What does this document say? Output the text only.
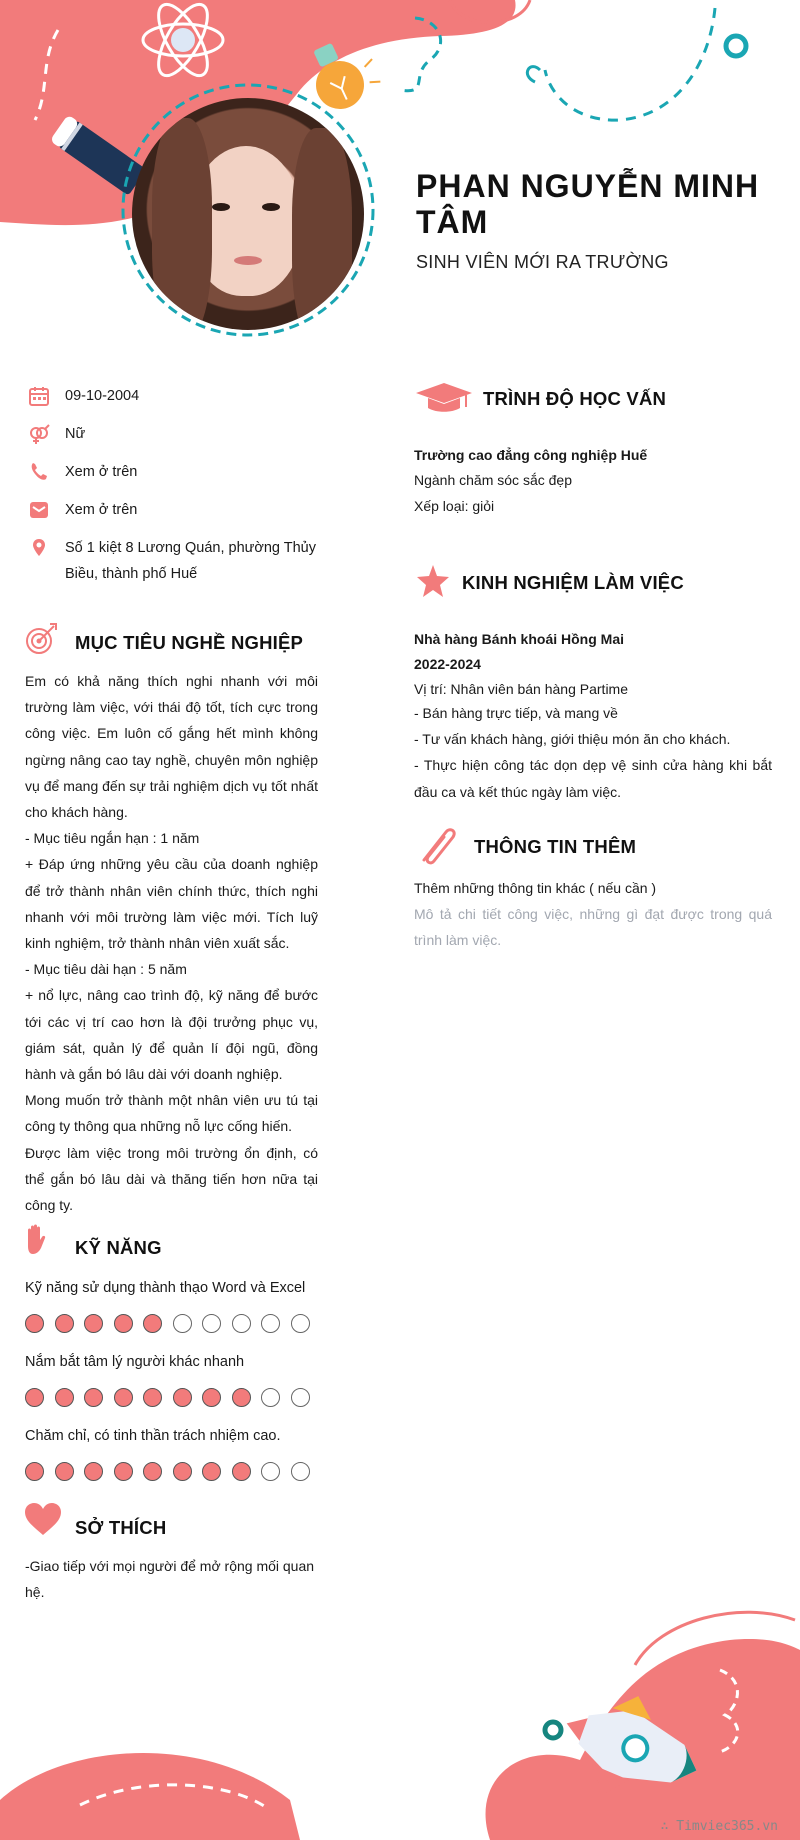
PHAN NGUYỄN MINH TÂM
SINH VIÊN MỚI RA TRƯỜNG
09-10-2004
Nữ
Xem ở trên
Xem ở trên
Số 1 kiệt 8 Lương Quán, phường Thủy Biều, thành phố Huế
MỤC TIÊU NGHỀ NGHIỆP

Em có khả năng thích nghi nhanh với môi trường làm việc, với thái độ tốt, tích cực trong công việc. Em luôn cố gắng hết mình không ngừng nâng cao tay nghề, chuyên môn nghiệp vụ để mang đến sự trải nghiệm dịch vụ tốt nhất cho khách hàng.

- Mục tiêu ngắn hạn : 1 năm

+ Đáp ứng những yêu cầu của doanh nghiệp để trở thành nhân viên chính thức, thích nghi nhanh với môi trường làm việc mới. Tích luỹ kinh nghiệm, trở thành nhân viên xuất sắc.

- Mục tiêu dài hạn : 5 năm

+ nổ lực, nâng cao trình độ, kỹ năng để bước tới các vị trí cao hơn là đội trưởng phục vụ, giám sát, quản lý để quản lí đội ngũ, đồng hành và gắn bó lâu dài với doanh nghiệp.

Mong muốn trở thành một nhân viên ưu tú tại công ty thông qua những nỗ lực cống hiến.

Được làm việc trong môi trường ổn định, có thể gắn bó lâu dài và thăng tiến hơn nữa tại công ty.

KỸ NĂNG
Kỹ năng sử dụng thành thạo Word và Excel
Nắm bắt tâm lý người khác nhanh
Chăm chỉ, có tinh thần trách nhiệm cao.
SỞ THÍCH
-Giao tiếp với mọi người để mở rộng mối quan hệ.
TRÌNH ĐỘ HỌC VẤN
Trường cao đẳng công nghiệp Huế
Ngành chăm sóc sắc đẹp
Xếp loại: giỏi
KINH NGHIỆM LÀM VIỆC
Nhà hàng Bánh khoái Hồng Mai
2022-2024
Vị trí: Nhân viên bán hàng Partime

- Bán hàng trực tiếp, và mang về

- Tư vấn khách hàng, giới thiệu món ăn cho khách.

- Thực hiện công tác dọn dẹp vệ sinh cửa hàng khi bắt đầu ca và kết thúc ngày làm việc.

THÔNG TIN THÊM
Thêm những thông tin khác ( nếu cần )
Mô tả chi tiết công việc, những gì đạt được trong quá trình làm việc.
∴ Timviec365.vn
